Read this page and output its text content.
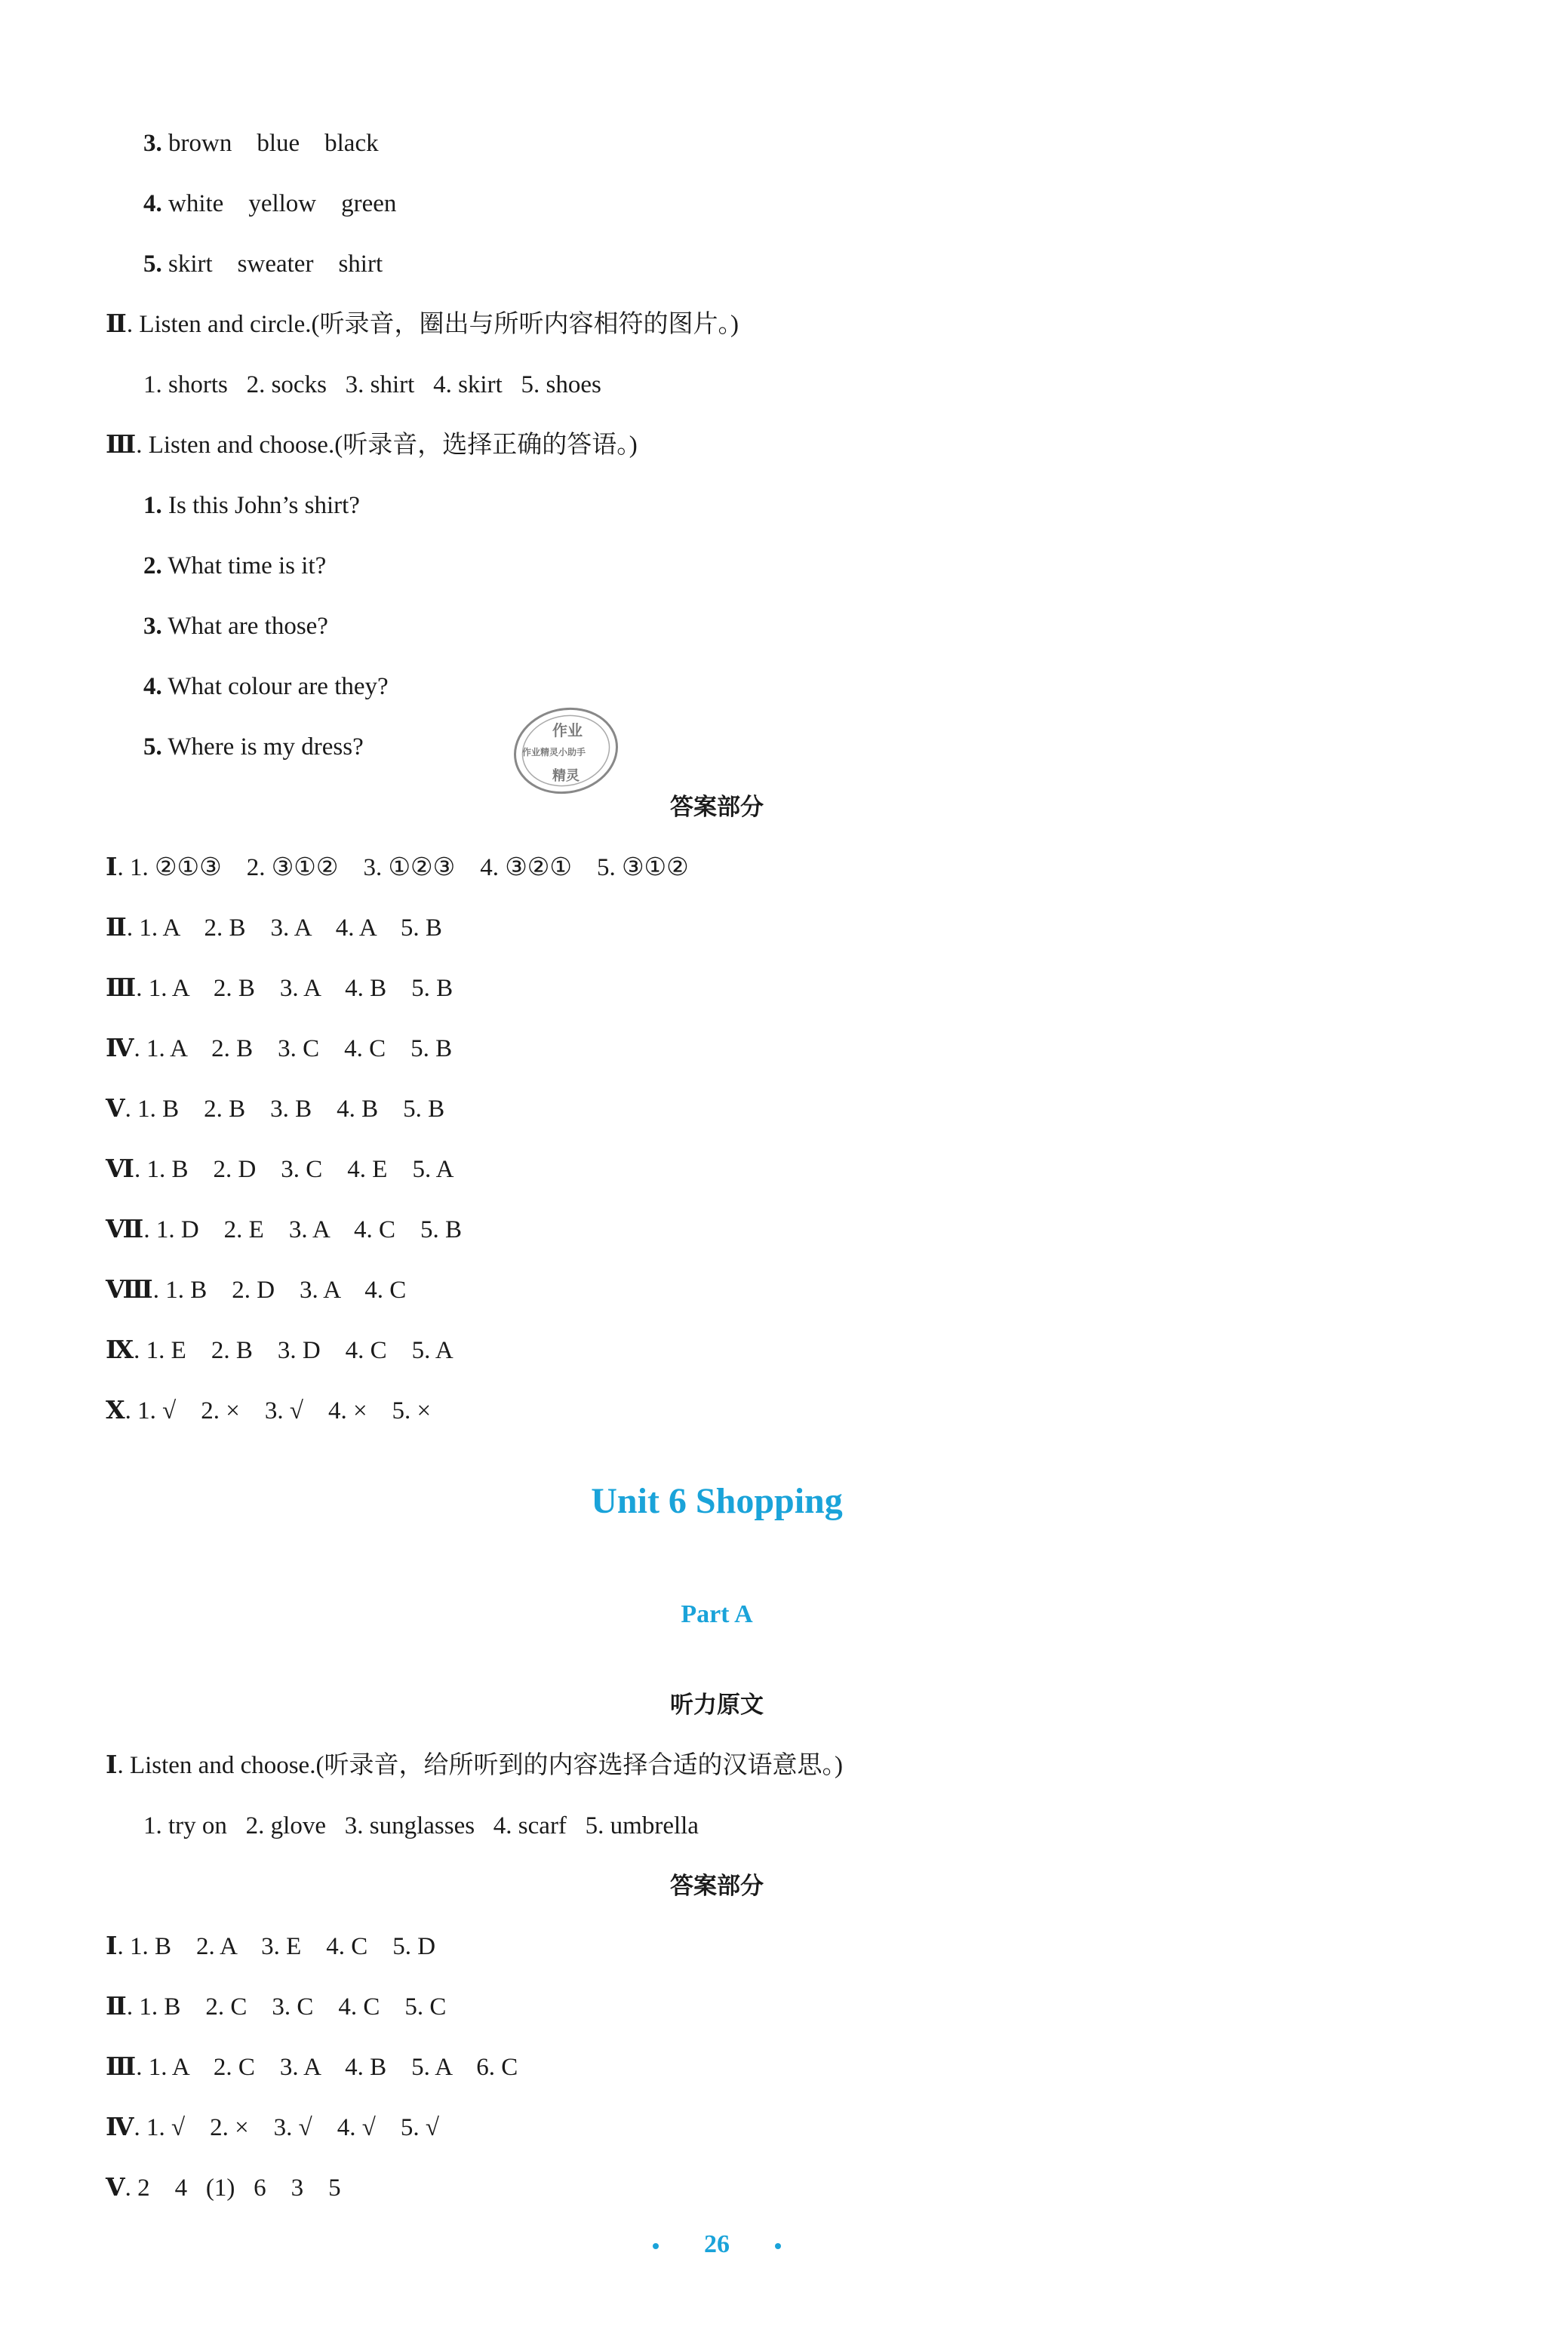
3. brown    blue    black
4. white    yellow    green
5. skirt    sweater    shirt
Ⅱ. Listen and circle.(听录音，圈出与所听内容相符的图片。)
1. shorts   2. socks   3. shirt   4. skirt   5. shoes
Ⅲ. Listen and choose.(听录音，选择正确的答语。)
1. Is this John’s shirt?
2. What time is it?
3. What are those?
4. What colour are they?
5. Where is my dress?
作业
作业精灵小助手
精灵
答案部分
Ⅰ. 1. ②①③    2. ③①②    3. ①②③    4. ③②①    5. ③①②
Ⅱ. 1. A    2. B    3. A    4. A    5. B
Ⅲ. 1. A    2. B    3. A    4. B    5. B
Ⅳ. 1. A    2. B    3. C    4. C    5. B
Ⅴ. 1. B    2. B    3. B    4. B    5. B
Ⅵ. 1. B    2. D    3. C    4. E    5. A
Ⅶ. 1. D    2. E    3. A    4. C    5. B
Ⅷ. 1. B    2. D    3. A    4. C
Ⅸ. 1. E    2. B    3. D    4. C    5. A
Ⅹ. 1. √    2. ×    3. √    4. ×    5. ×
Unit 6 Shopping
Part A
听力原文
Ⅰ. Listen and choose.(听录音，给所听到的内容选择合适的汉语意思。)
1. try on   2. glove   3. sunglasses   4. scarf   5. umbrella
答案部分
Ⅰ. 1. B    2. A    3. E    4. C    5. D
Ⅱ. 1. B    2. C    3. C    4. C    5. C
Ⅲ. 1. A    2. C    3. A    4. B    5. A    6. C
Ⅳ. 1. √    2. ×    3. √    4. √    5. √
Ⅴ. 2    4   (1)   6    3    5
26
